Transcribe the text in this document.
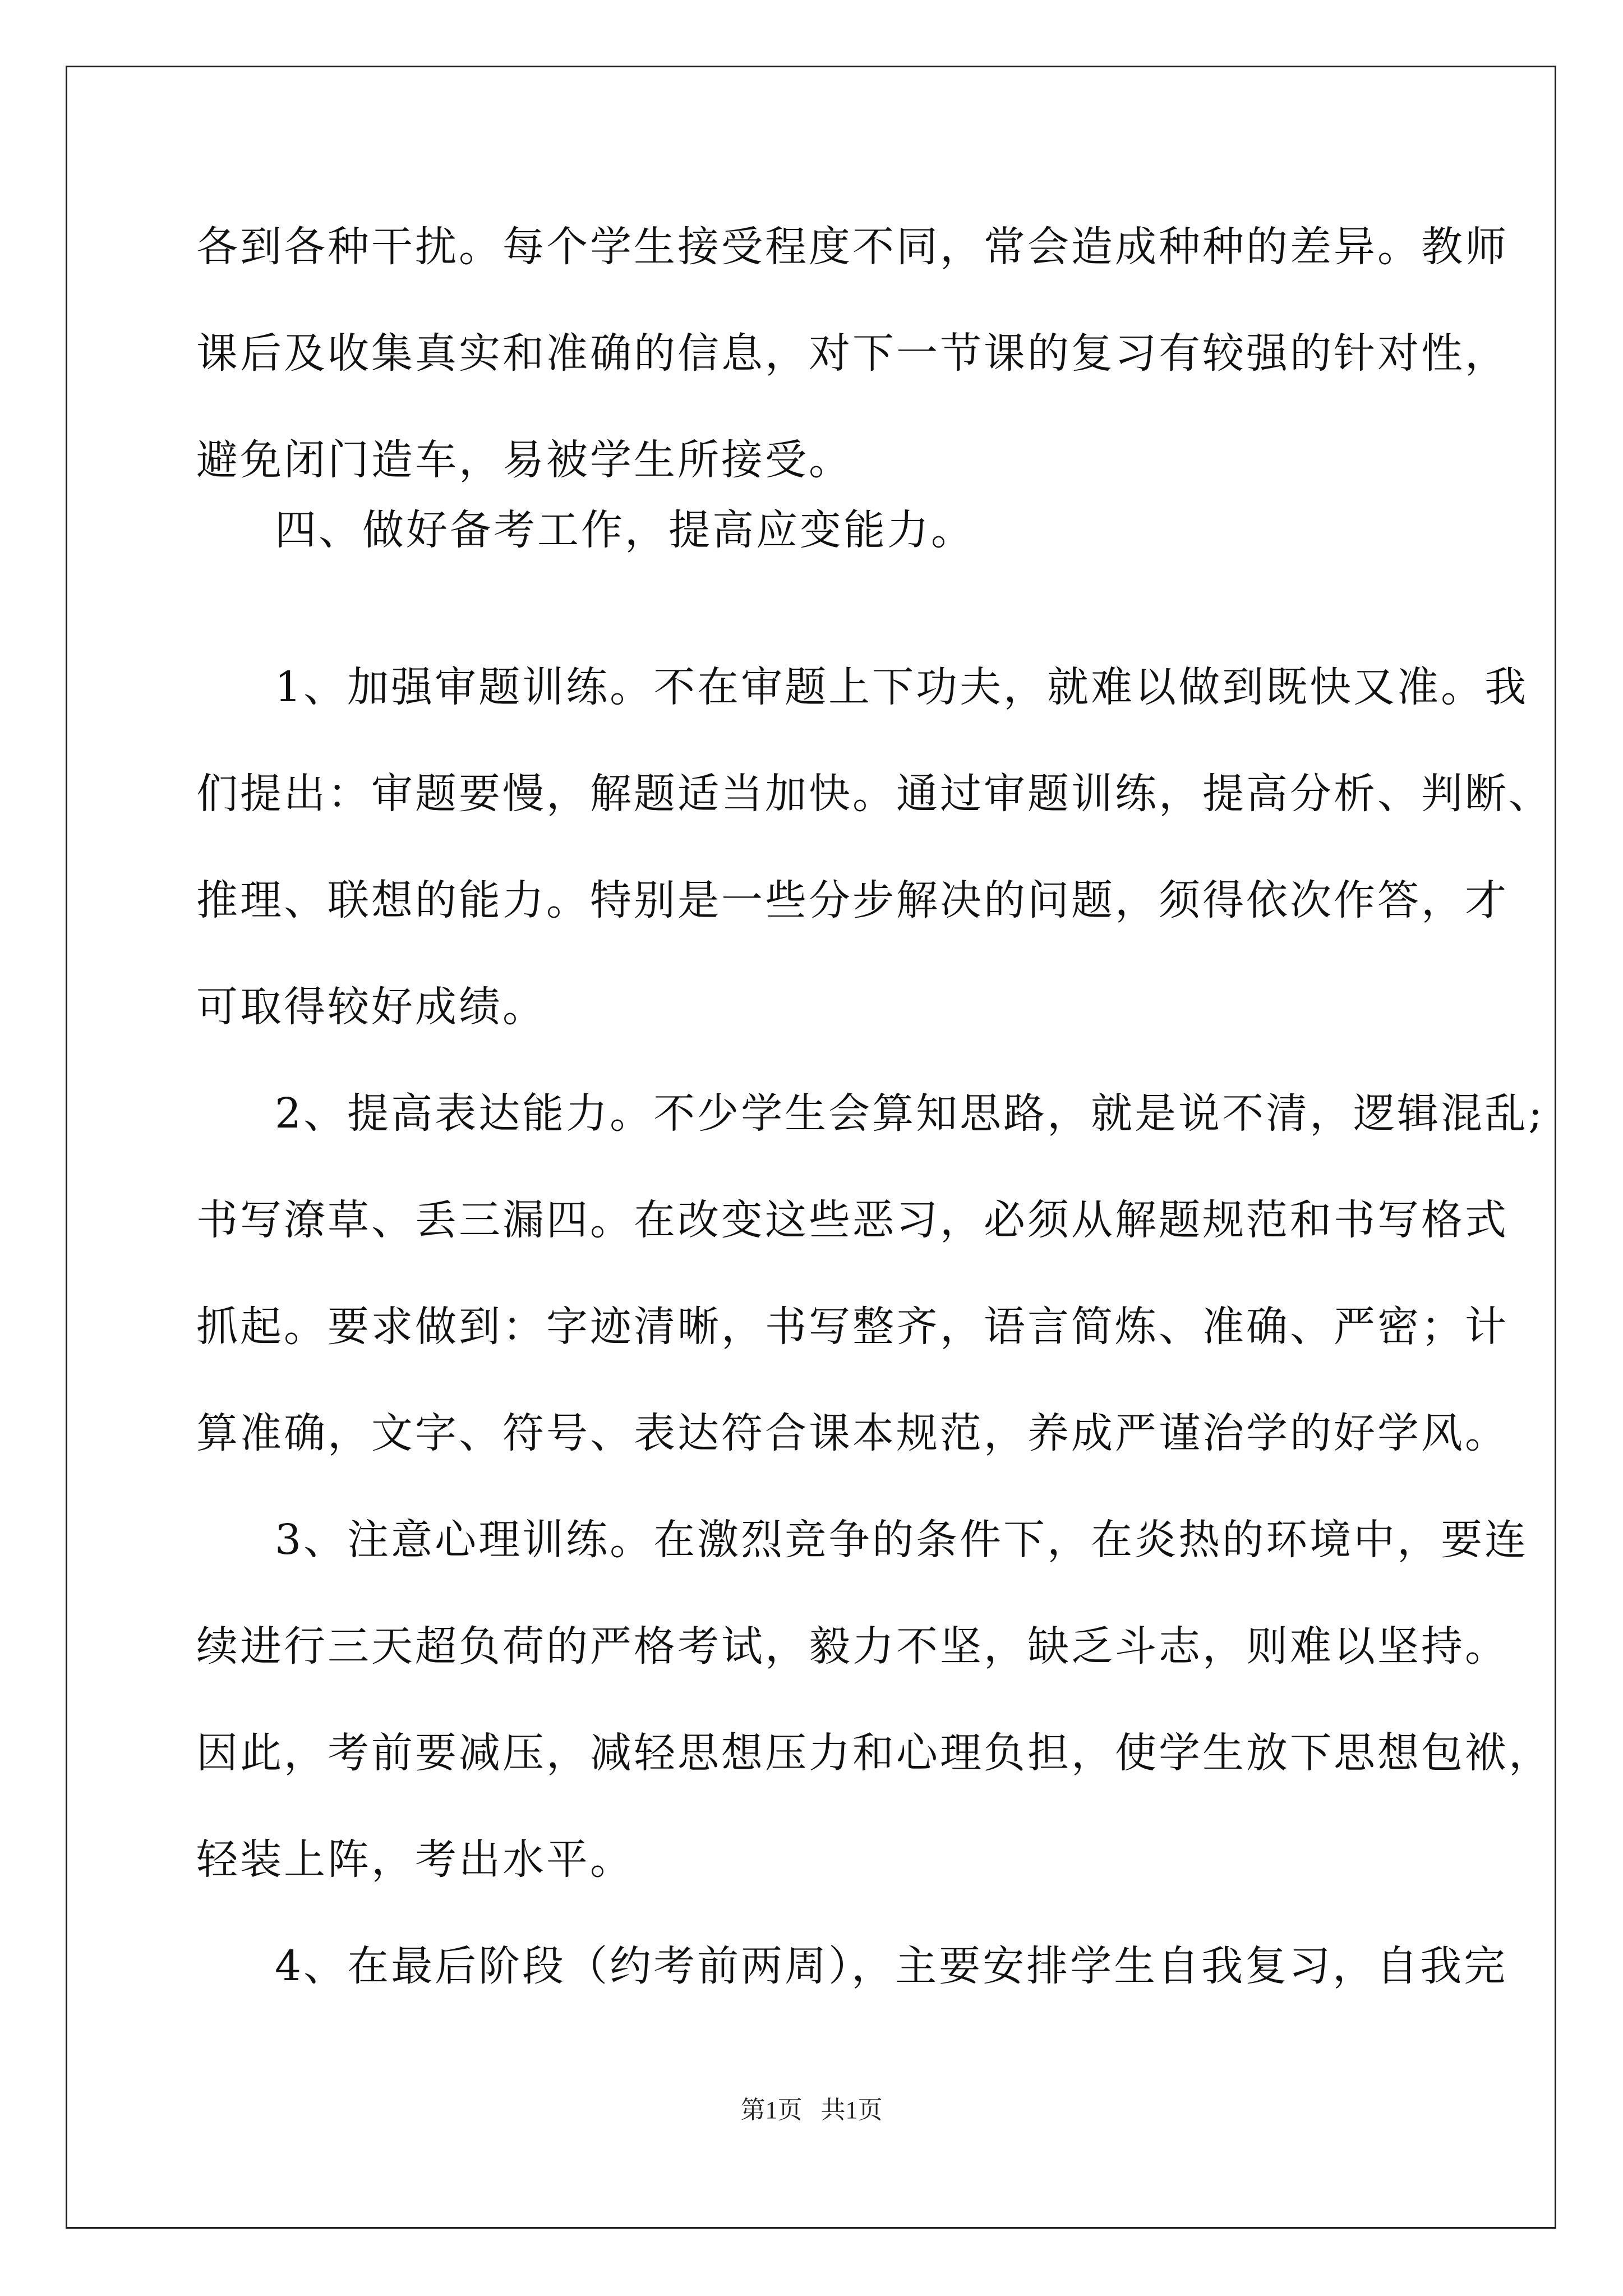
各到各种干扰。每个学生接受程度不同，常会造成种种的差异。教师

课后及收集真实和准确的信息，对下一节课的复习有较强的针对性，

避免闭门造车，易被学生所接受。

四、做好备考工作，提高应变能力。

1、加强审题训练。不在审题上下功夫，就难以做到既快又准。我

们提出：审题要慢，解题适当加快。通过审题训练，提高分析、判断、

推理、联想的能力。特别是一些分步解决的问题，须得依次作答，才

可取得较好成绩。

2、提高表达能力。不少学生会算知思路，就是说不清，逻辑混乱;

书写潦草、丢三漏四。在改变这些恶习，必须从解题规范和书写格式

抓起。要求做到：字迹清晰，书写整齐，语言简炼、准确、严密；计

算准确，文字、符号、表达符合课本规范，养成严谨治学的好学风。

3、注意心理训练。在激烈竞争的条件下，在炎热的环境中，要连

续进行三天超负荷的严格考试，毅力不坚，缺乏斗志，则难以坚持。

因此，考前要减压，减轻思想压力和心理负担，使学生放下思想包袱，

轻装上阵，考出水平。

4、在最后阶段（约考前两周），主要安排学生自我复习，自我完

第1页   共1页
